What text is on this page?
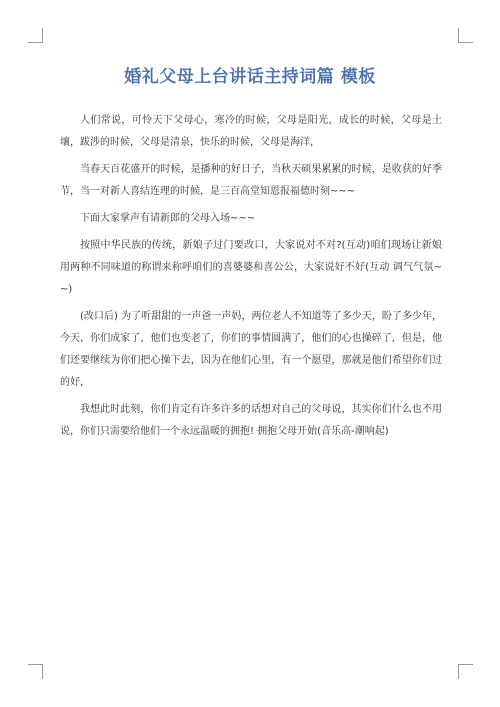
婚礼父母上台讲话主持词篇 模板

人们常说，可怜天下父母心，寒冷的时候，父母是阳光，成长的时候，父母是土壤，跋涉的时候，父母是清泉，快乐的时候，父母是海洋，

当春天百花盛开的时候，是播种的好日子，当秋天硕果累累的时候，是收获的好季节，当一对新人喜结连理的时候，是三百高堂知恩报福德时刻~~~

下面大家掌声有请新郎的父母入场~~~

按照中华民族的传统，新娘子过门要改口，大家说对不对?(互动)咱们现场让新娘用两种不同味道的称谓来称呼咱们的喜婆婆和喜公公，大家说好不好(互动 调气气氛~~)

(改口后) 为了听甜甜的一声爸一声妈，两位老人不知道等了多少天，盼了多少年，今天，你们成家了，他们也变老了，你们的事情圆满了，他们的心也操碎了，但是，他们还要继续为你们把心操下去，因为在他们心里，有一个愿望，那就是他们希望你们过的好，

我想此时此刻，你们肯定有许多许多的话想对自己的父母说，其实你们什么也不用说，你们只需要给他们一个永远温暖的拥抱! 拥抱父母开始(音乐高-潮响起)
